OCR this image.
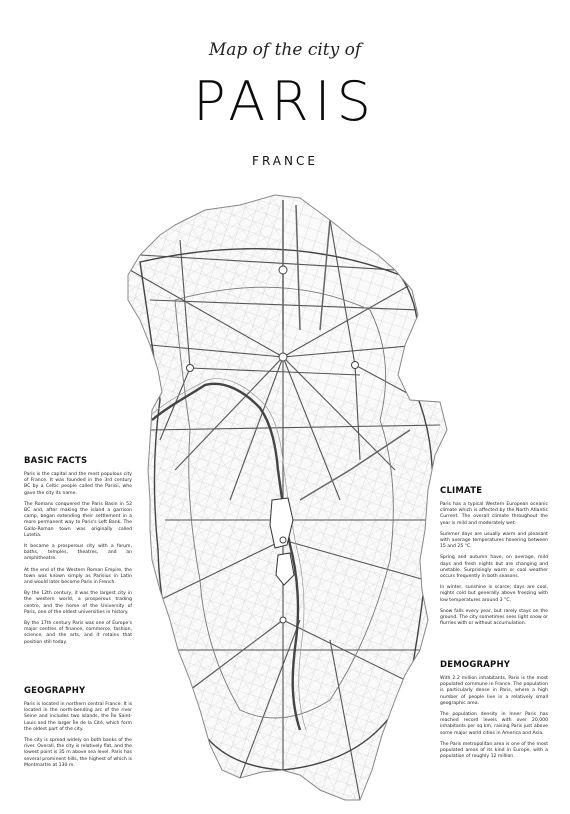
Map of the city of
PARIS
FRANCE
BASIC FACTS

Paris is the capital and the most populous city of France. It was founded in the 3rd century BC by a Celtic people called the Parisii, who gave the city its name.

The Romans conquered the Paris Basin in 52 BC and, after making the island a garrison camp, began extending their settlement in a more permanent way to Paris's Left Bank. The Gallo-Roman town was originally called Lutetia.

It became a prosperous city with a forum, baths, temples, theatres, and an amphitheatre.

At the end of the Western Roman Empire, the town was known simply as Parisius in Latin and would later become Paris in French.

By the 12th century, it was the largest city in the western world, a prosperous trading centre, and the home of the University of Paris, one of the oldest universities in history.

By the 17th century Paris was one of Europe's major centres of finance, commerce, fashion, science, and the arts, and it retains that position still today.

GEOGRAPHY

Paris is located in northern central France. It is located in the north-bending arc of the river Seine and includes two islands, the Île Saint-Louis and the larger Île de la Cité, which form the oldest part of the city.

The city is spread widely on both banks of the river. Overall, the city is relatively flat, and the lowest point is 35 m above sea level. Paris has several prominent hills, the highest of which is Montmartre at 130 m.

CLIMATE

Paris has a typical Western European oceanic climate which is affected by the North Atlantic Current. The overall climate throughout the year is mild and moderately wet.

Summer days are usually warm and pleasant with average temperatures hovering between 15 and 25 °C.

Spring and autumn have, on average, mild days and fresh nights but are changing and unstable. Surprisingly warm or cool weather occurs frequently in both seasons.

In winter, sunshine is scarce; days are cool, nights cold but generally above freezing with low temperatures around 3 °C.

Snow falls every year, but rarely stays on the ground. The city sometimes sees light snow or flurries with or without accumulation.

DEMOGRAPHY

With 2.2 million inhabitants, Paris is the most populated commune in France. The population is particularly dense in Paris, where a high number of people live in a relatively small geographic area.

The population density in Inner Paris has reached record levels with over 20,000 inhabitants per sq km, raising Paris just above some major world cities in America and Asia.

The Paris metropolitan area is one of the most populated areas of its kind in Europe, with a population of roughly 12 million.
